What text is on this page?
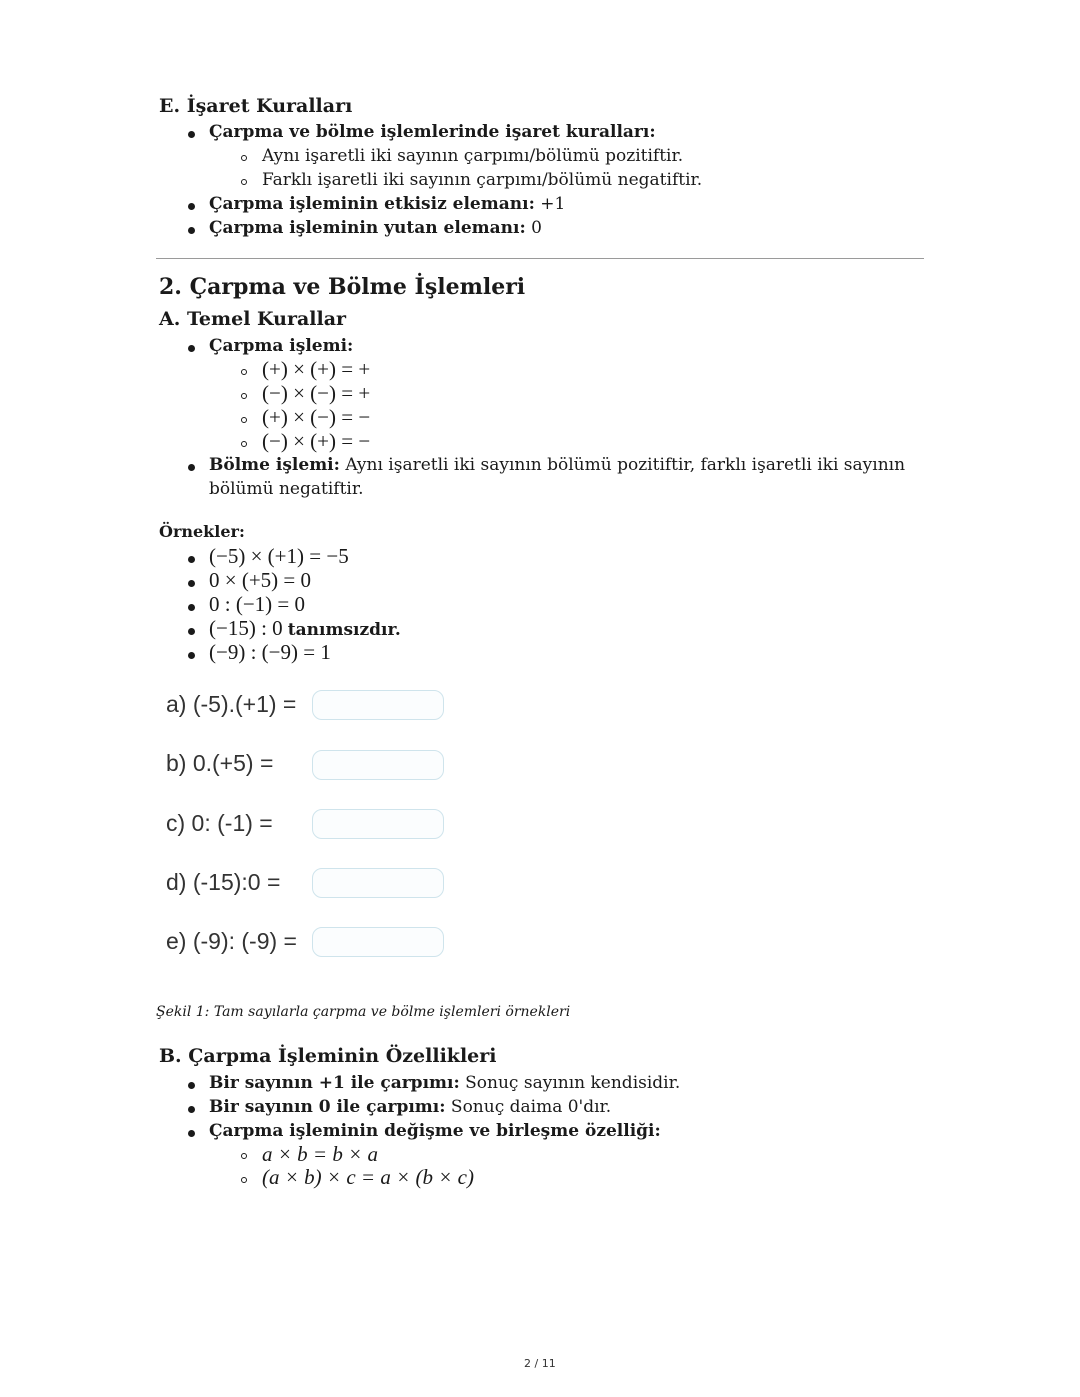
E. İşaret Kuralları
Çarpma ve bölme işlemlerinde işaret kuralları:
Aynı işaretli iki sayının çarpımı/bölümü pozitiftir.
Farklı işaretli iki sayının çarpımı/bölümü negatiftir.
Çarpma işleminin etkisiz elemanı: +1
Çarpma işleminin yutan elemanı: 0
2. Çarpma ve Bölme İşlemleri
A. Temel Kurallar
Çarpma işlemi:
(+) × (+) = +
(−) × (−) = +
(+) × (−) = −
(−) × (+) = −
Bölme işlemi: Aynı işaretli iki sayının bölümü pozitiftir, farklı işaretli iki sayının
bölümü negatiftir.
Örnekler:
(−5) × (+1) = −5
0 × (+5) = 0
0 : (−1) = 0
(−15) : 0 tanımsızdır.
(−9) : (−9) = 1
a) (-5).(+1) =
b) 0.(+5) =
c) 0: (-1) =
d) (-15):0 =
e) (-9): (-9) =
Şekil 1: Tam sayılarla çarpma ve bölme işlemleri örnekleri
B. Çarpma İşleminin Özellikleri
Bir sayının +1 ile çarpımı: Sonuç sayının kendisidir.
Bir sayının 0 ile çarpımı: Sonuç daima 0'dır.
Çarpma işleminin değişme ve birleşme özelliği:
a × b = b × a
(a × b) × c = a × (b × c)
2 / 11
